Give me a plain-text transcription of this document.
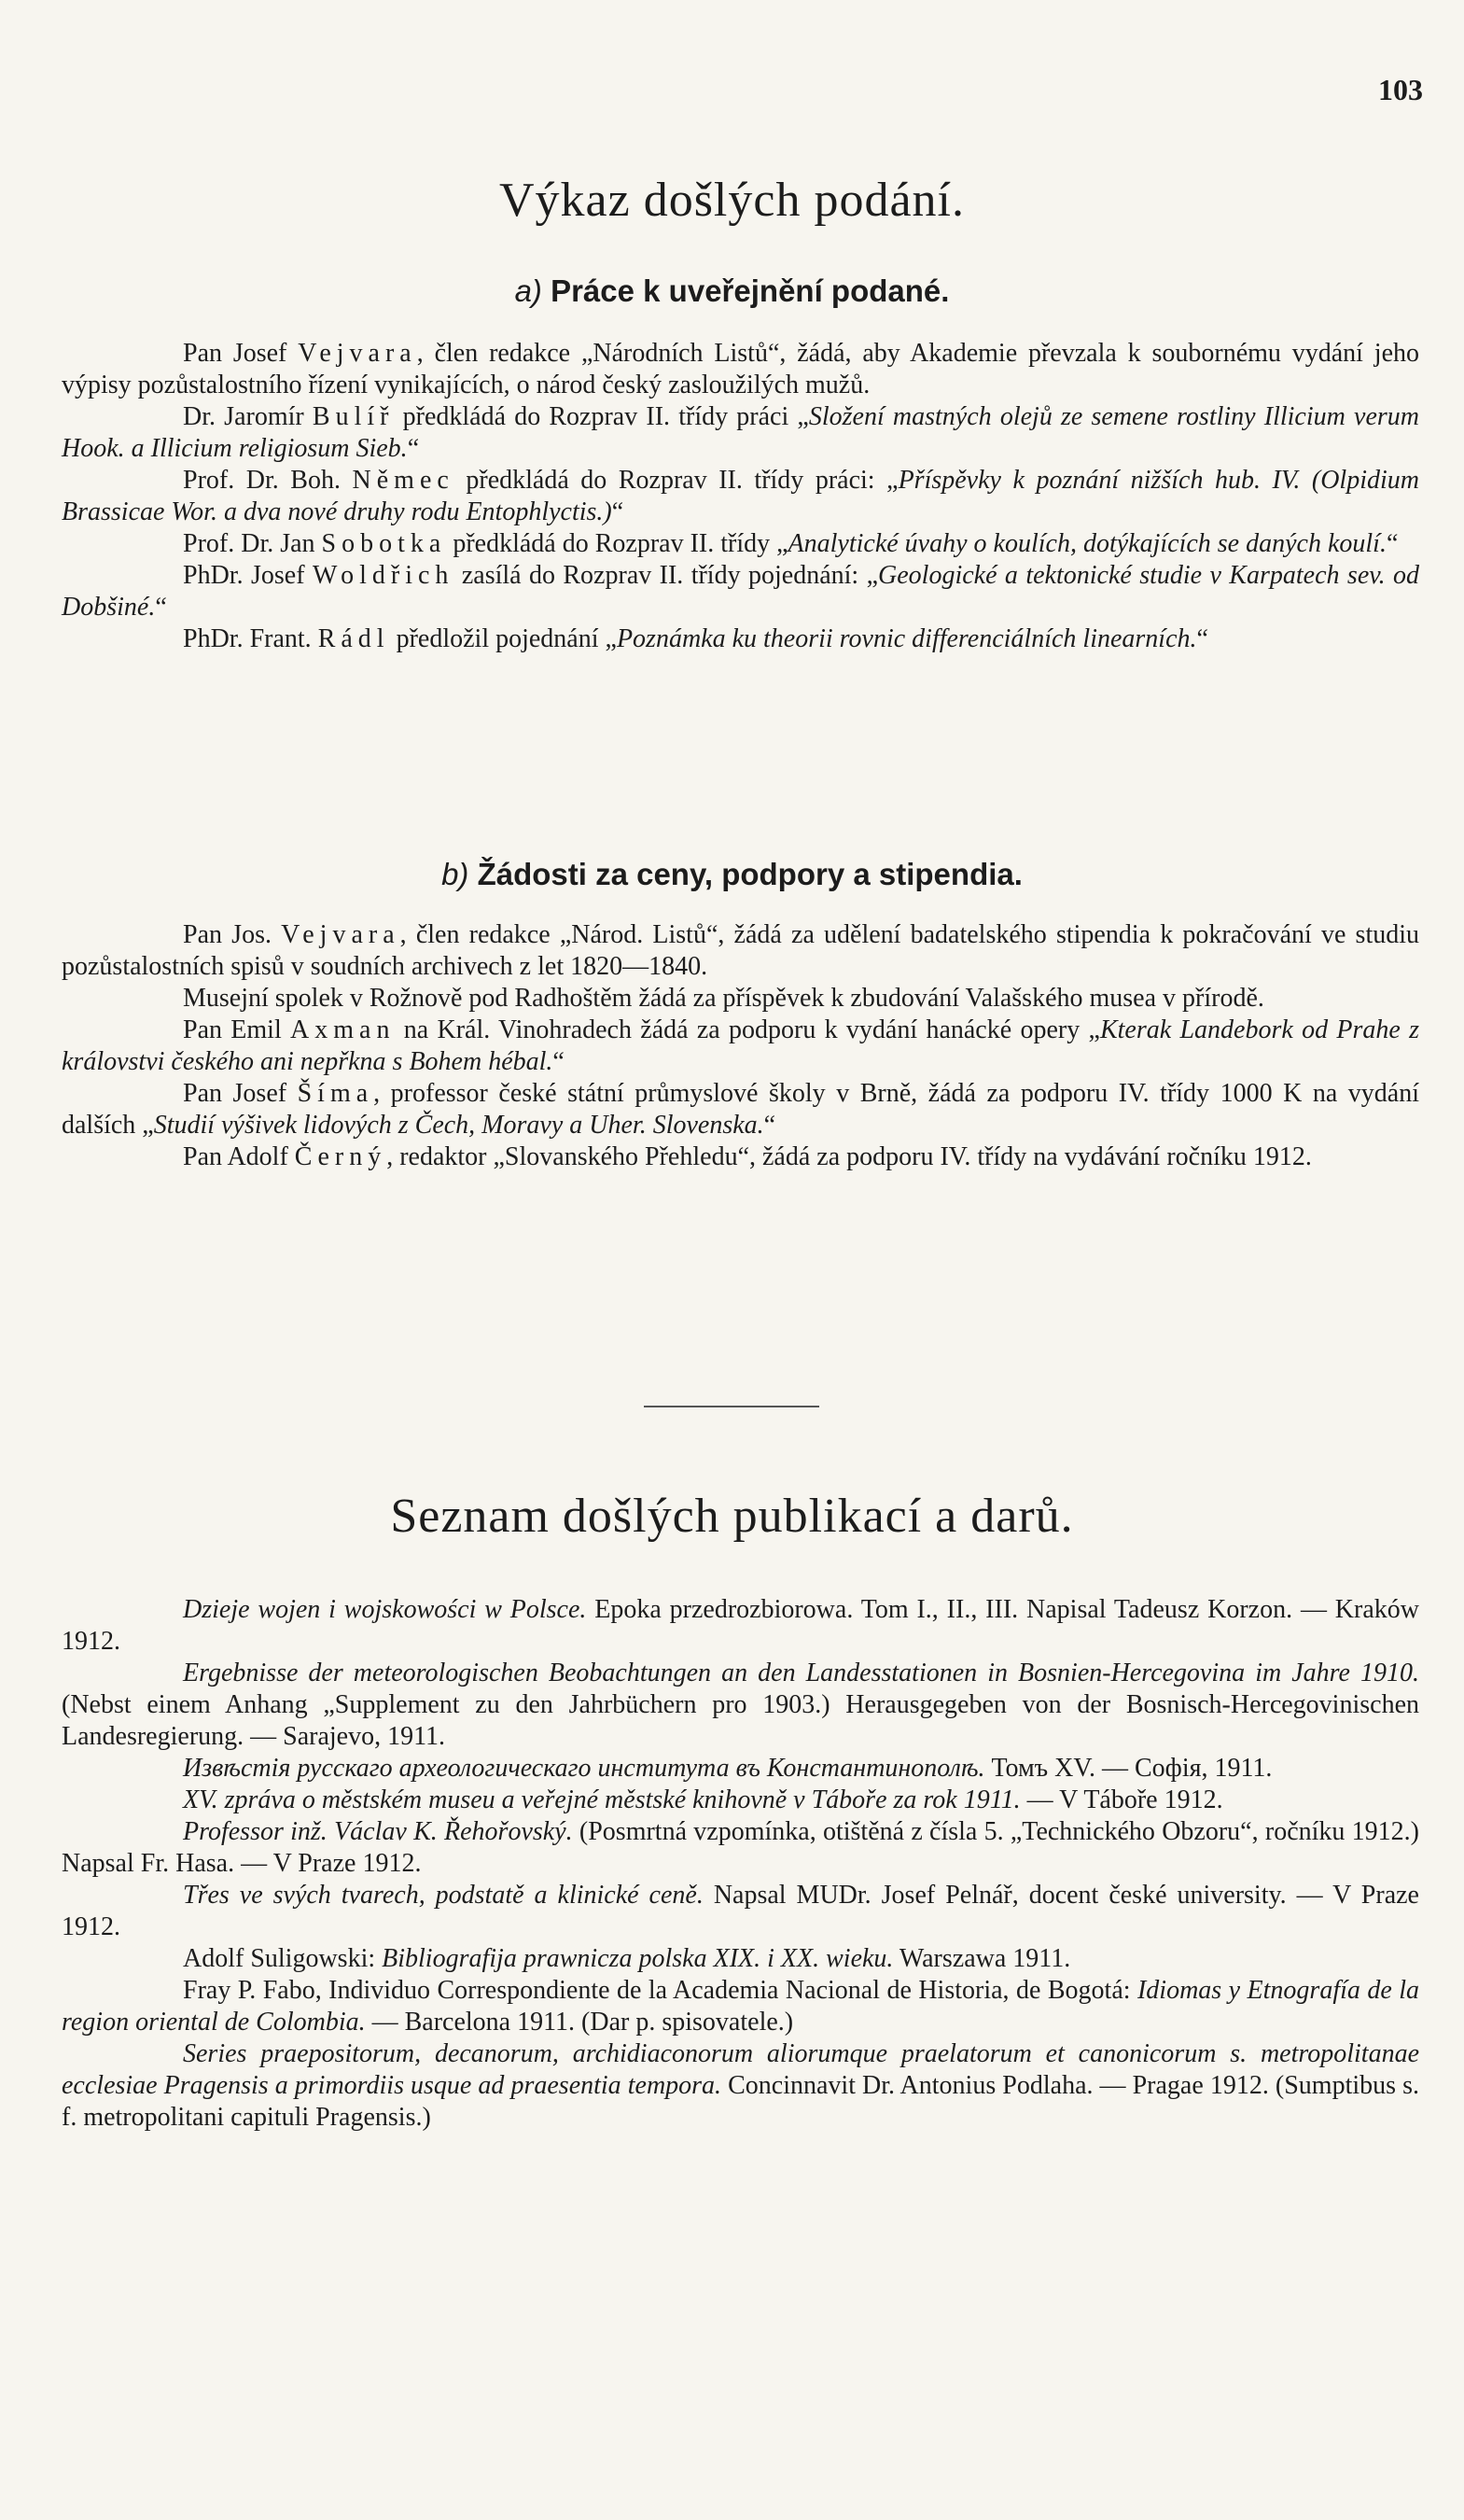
103
Výkaz došlých podání.
a) Práce k uveřejnění podané.

Pan Josef Vejvara, člen redakce „Národních Listů“, žádá, aby Akademie převzala k soubornému vydání jeho výpisy pozůstalostního řízení vynikajících, o národ český zasloužilých mužů.

Dr. Jaromír Bulíř předkládá do Rozprav II. třídy práci „Složení mastných olejů ze semene rostliny Illicium verum Hook. a Illicium religiosum Sieb.“

Prof. Dr. Boh. Němec předkládá do Rozprav II. třídy práci: „Příspěvky k poznání nižších hub. IV. (Olpidium Brassicae Wor. a dva nové druhy rodu Entophlyctis.)“

Prof. Dr. Jan Sobotka předkládá do Rozprav II. třídy „Analytické úvahy o koulích, dotýkajících se daných koulí.“

PhDr. Josef Woldřich zasílá do Rozprav II. třídy pojednání: „Geologické a tektonické studie v Karpatech sev. od Dobšiné.“

PhDr. Frant. Rádl předložil pojednání „Poznámka ku theorii rovnic differenciálních linearních.“

b) Žádosti za ceny, podpory a stipendia.

Pan Jos. Vejvara, člen redakce „Národ. Listů“, žádá za udělení badatelského stipendia k pokračování ve studiu pozůstalostních spisů v soudních archivech z let 1820—1840.

Musejní spolek v Rožnově pod Radhoštěm žádá za příspěvek k zbudování Valašského musea v přírodě.

Pan Emil Axman na Král. Vinohradech žádá za podporu k vydání hanácké opery „Kterak Landebork od Prahe z královstvi českého ani nepřkna s Bohem hébal.“

Pan Josef Šíma, professor české státní průmyslové školy v Brně, žádá za podporu IV. třídy 1000 K na vydání dalších „Studií výšivek lidových z Čech, Moravy a Uher. Slovenska.“

Pan Adolf Černý, redaktor „Slovanského Přehledu“, žádá za podporu IV. třídy na vydávání ročníku 1912.

Seznam došlých publikací a darů.

Dzieje wojen i wojskowości w Polsce. Epoka przedrozbiorowa. Tom I., II., III. Napisal Tadeusz Korzon. — Kraków 1912.

Ergebnisse der meteorologischen Beobachtungen an den Landesstationen in Bosnien-Hercegovina im Jahre 1910. (Nebst einem Anhang „Supplement zu den Jahrbüchern pro 1903.) Herausgegeben von der Bosnisch-Hercegovinischen Landesregierung. — Sarajevo, 1911.

Извѣстія русскаго археологическаго института въ Константинополѣ. Томъ XV. — Софія, 1911.

XV. zpráva o městském museu a veřejné městské knihovně v Táboře za rok 1911. — V Táboře 1912.

Professor inž. Václav K. Řehořovský. (Posmrtná vzpomínka, otištěná z čísla 5. „Technického Obzoru“, ročníku 1912.) Napsal Fr. Hasa. — V Praze 1912.

Třes ve svých tvarech, podstatě a klinické ceně. Napsal MUDr. Josef Pelnář, docent české university. — V Praze 1912.

Adolf Suligowski: Bibliografija prawnicza polska XIX. i XX. wieku. Warszawa 1911.

Fray P. Fabo, Individuo Correspondiente de la Academia Nacional de Historia, de Bogotá: Idiomas y Etnografía de la region oriental de Colombia. — Barcelona 1911. (Dar p. spisovatele.)

Series praepositorum, decanorum, archidiaconorum aliorumque praelatorum et canonicorum s. metropolitanae ecclesiae Pragensis a primordiis usque ad praesentia tempora. Concinnavit Dr. Antonius Podlaha. — Pragae 1912. (Sumptibus s. f. metropolitani capituli Pragensis.)
